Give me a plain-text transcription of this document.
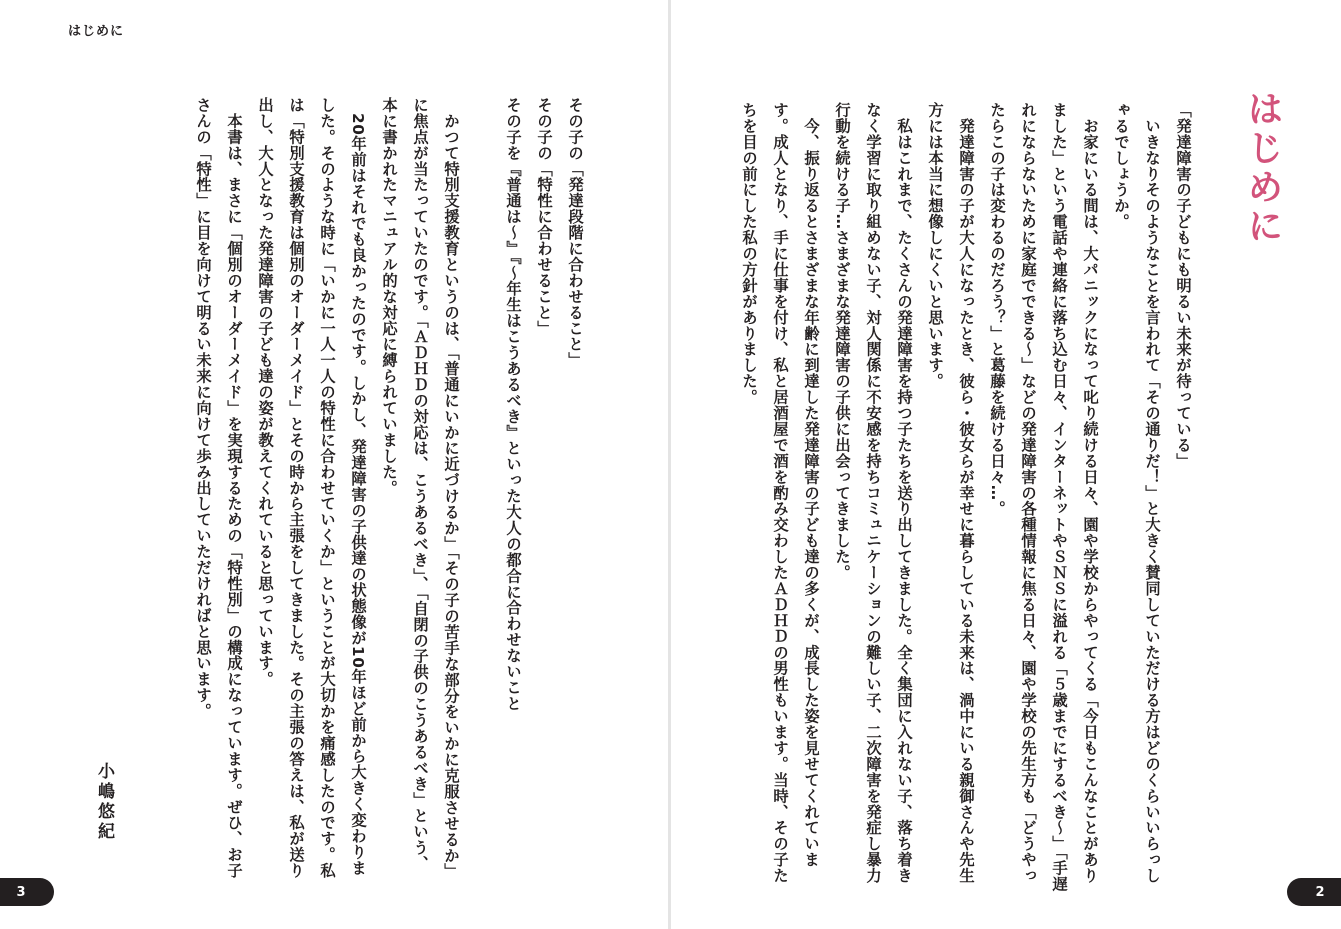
はじめに
その子の「発達段階に合わせること」
その子の「特性に合わせること」
その子を『普通は〜』『〜年生はこうあるべき』といった大人の都合に合わせないこと

　かつて特別支援教育というのは、「普通にいかに近づけるか」「その子の苦手な部分をいかに克服させるか」に焦点が当たっていたのです。「ＡＤＨＤの対応は、こうあるべき」、「自閉の子供のこうあるべき」という、本に書かれたマニュアル的な対応に縛られていました。
　20年前はそれでも良かったのです。しかし、発達障害の子供達の状態像が10年ほど前から大きく変わりました。そのような時に「いかに一人一人の特性に合わせていくか」ということが大切かを痛感したのです。私は「特別支援教育は個別のオーダーメイド」とその時から主張をしてきました。その主張の答えは、私が送り出し、大人となった発達障害の子ども達の姿が教えてくれていると思っています。
　本書は、まさに「個別のオーダーメイド」を実現するための「特性別」の構成になっています。ぜひ、お子さんの「特性」に目を向けて明るい未来に向けて歩み出していただければと思います。
小嶋悠紀
3
はじめに
「発達障害の子どもにも明るい未来が待っている」
　いきなりそのようなことを言われて「その通りだ！」と大きく賛同していただける方はどのくらいいらっしゃるでしょうか。
　お家にいる間は、大パニックになって叱り続ける日々、園や学校からやってくる「今日もこんなことがありました」という電話や連絡に落ち込む日々、インターネットやＳＮＳに溢れる「５歳までにするべき〜」「手遅れにならないために家庭でできる〜」などの発達障害の各種情報に焦る日々、園や学校の先生方も「どうやったらこの子は変わるのだろう？」と葛藤を続ける日々…。
　発達障害の子が大人になったとき、彼ら・彼女らが幸せに暮らしている未来は、渦中にいる親御さんや先生方には本当に想像しにくいと思います。
　私はこれまで、たくさんの発達障害を持つ子たちを送り出してきました。全く集団に入れない子、落ち着きなく学習に取り組めない子、対人関係に不安感を持ちコミュニケーションの難しい子、二次障害を発症し暴力行動を続ける子…さまざまな発達障害の子供に出会ってきました。
　今、振り返るとさまざまな年齢に到達した発達障害の子ども達の多くが、成長した姿を見せてくれています。成人となり、手に仕事を付け、私と居酒屋で酒を酌み交わしたＡＤＨＤの男性もいます。当時、その子たちを目の前にした私の方針がありました。
2
